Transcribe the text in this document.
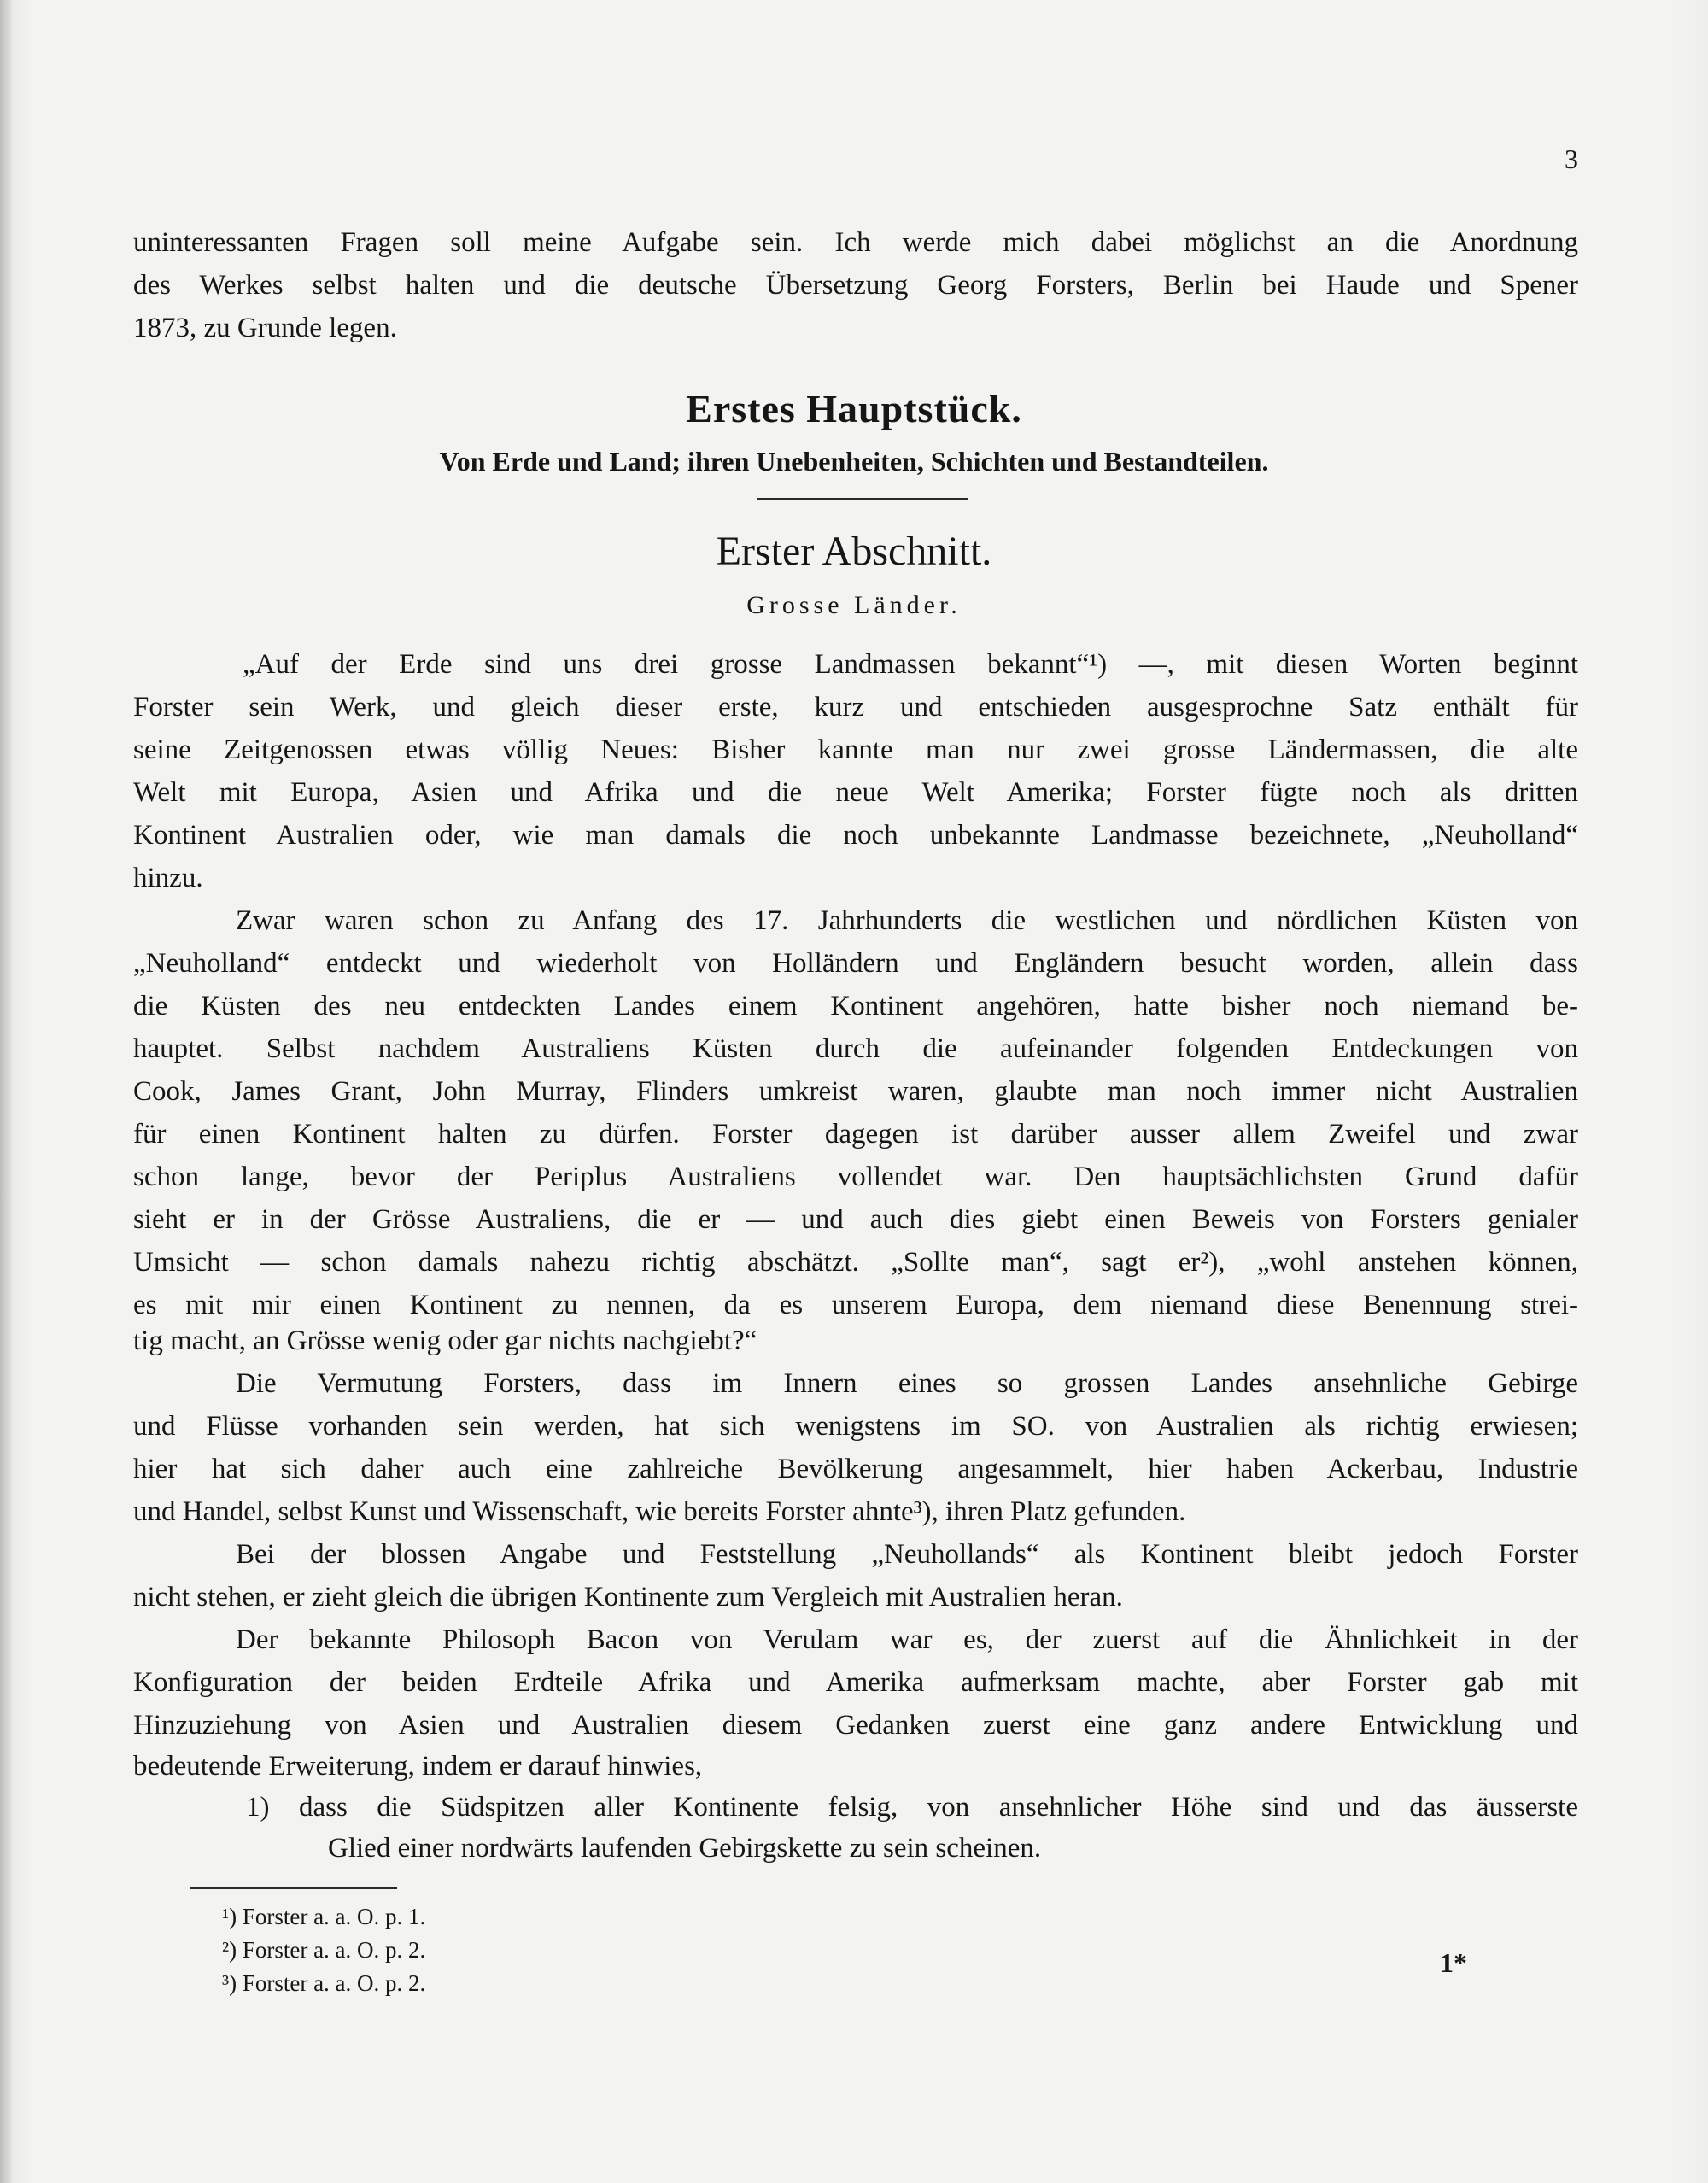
3
uninteressanten Fragen soll meine Aufgabe sein. Ich werde mich dabei möglichst an die Anordnung
des Werkes selbst halten und die deutsche Übersetzung Georg Forsters, Berlin bei Haude und Spener
1873, zu Grunde legen.
Erstes Hauptstück.
Von Erde und Land; ihren Unebenheiten, Schichten und Bestandteilen.
Erster Abschnitt.
Grosse Länder.
„Auf der Erde sind uns drei grosse Landmassen bekannt“¹) —, mit diesen Worten beginnt
Forster sein Werk, und gleich dieser erste, kurz und entschieden ausgesprochne Satz enthält für
seine Zeitgenossen etwas völlig Neues: Bisher kannte man nur zwei grosse Ländermassen, die alte
Welt mit Europa, Asien und Afrika und die neue Welt Amerika; Forster fügte noch als dritten
Kontinent Australien oder, wie man damals die noch unbekannte Landmasse bezeichnete, „Neuholland“
hinzu.
Zwar waren schon zu Anfang des 17. Jahrhunderts die westlichen und nördlichen Küsten von
„Neuholland“ entdeckt und wiederholt von Holländern und Engländern besucht worden, allein dass
die Küsten des neu entdeckten Landes einem Kontinent angehören, hatte bisher noch niemand be-
hauptet. Selbst nachdem Australiens Küsten durch die aufeinander folgenden Entdeckungen von
Cook, James Grant, John Murray, Flinders umkreist waren, glaubte man noch immer nicht Australien
für einen Kontinent halten zu dürfen. Forster dagegen ist darüber ausser allem Zweifel und zwar
schon lange, bevor der Periplus Australiens vollendet war. Den hauptsächlichsten Grund dafür
sieht er in der Grösse Australiens, die er — und auch dies giebt einen Beweis von Forsters genialer
Umsicht — schon damals nahezu richtig abschätzt. „Sollte man“, sagt er²), „wohl anstehen können,
es mit mir einen Kontinent zu nennen, da es unserem Europa, dem niemand diese Benennung strei-
tig macht, an Grösse wenig oder gar nichts nachgiebt?“
Die Vermutung Forsters, dass im Innern eines so grossen Landes ansehnliche Gebirge
und Flüsse vorhanden sein werden, hat sich wenigstens im SO. von Australien als richtig erwiesen;
hier hat sich daher auch eine zahlreiche Bevölkerung angesammelt, hier haben Ackerbau, Industrie
und Handel, selbst Kunst und Wissenschaft, wie bereits Forster ahnte³), ihren Platz gefunden.
Bei der blossen Angabe und Feststellung „Neuhollands“ als Kontinent bleibt jedoch Forster
nicht stehen, er zieht gleich die übrigen Kontinente zum Vergleich mit Australien heran.
Der bekannte Philosoph Bacon von Verulam war es, der zuerst auf die Ähnlichkeit in der
Konfiguration der beiden Erdteile Afrika und Amerika aufmerksam machte, aber Forster gab mit
Hinzuziehung von Asien und Australien diesem Gedanken zuerst eine ganz andere Entwicklung und
bedeutende Erweiterung, indem er darauf hinwies,
1) dass die Südspitzen aller Kontinente felsig, von ansehnlicher Höhe sind und das äusserste
Glied einer nordwärts laufenden Gebirgskette zu sein scheinen.
¹) Forster a. a. O. p. 1.
²) Forster a. a. O. p. 2.
³) Forster a. a. O. p. 2.
1*
